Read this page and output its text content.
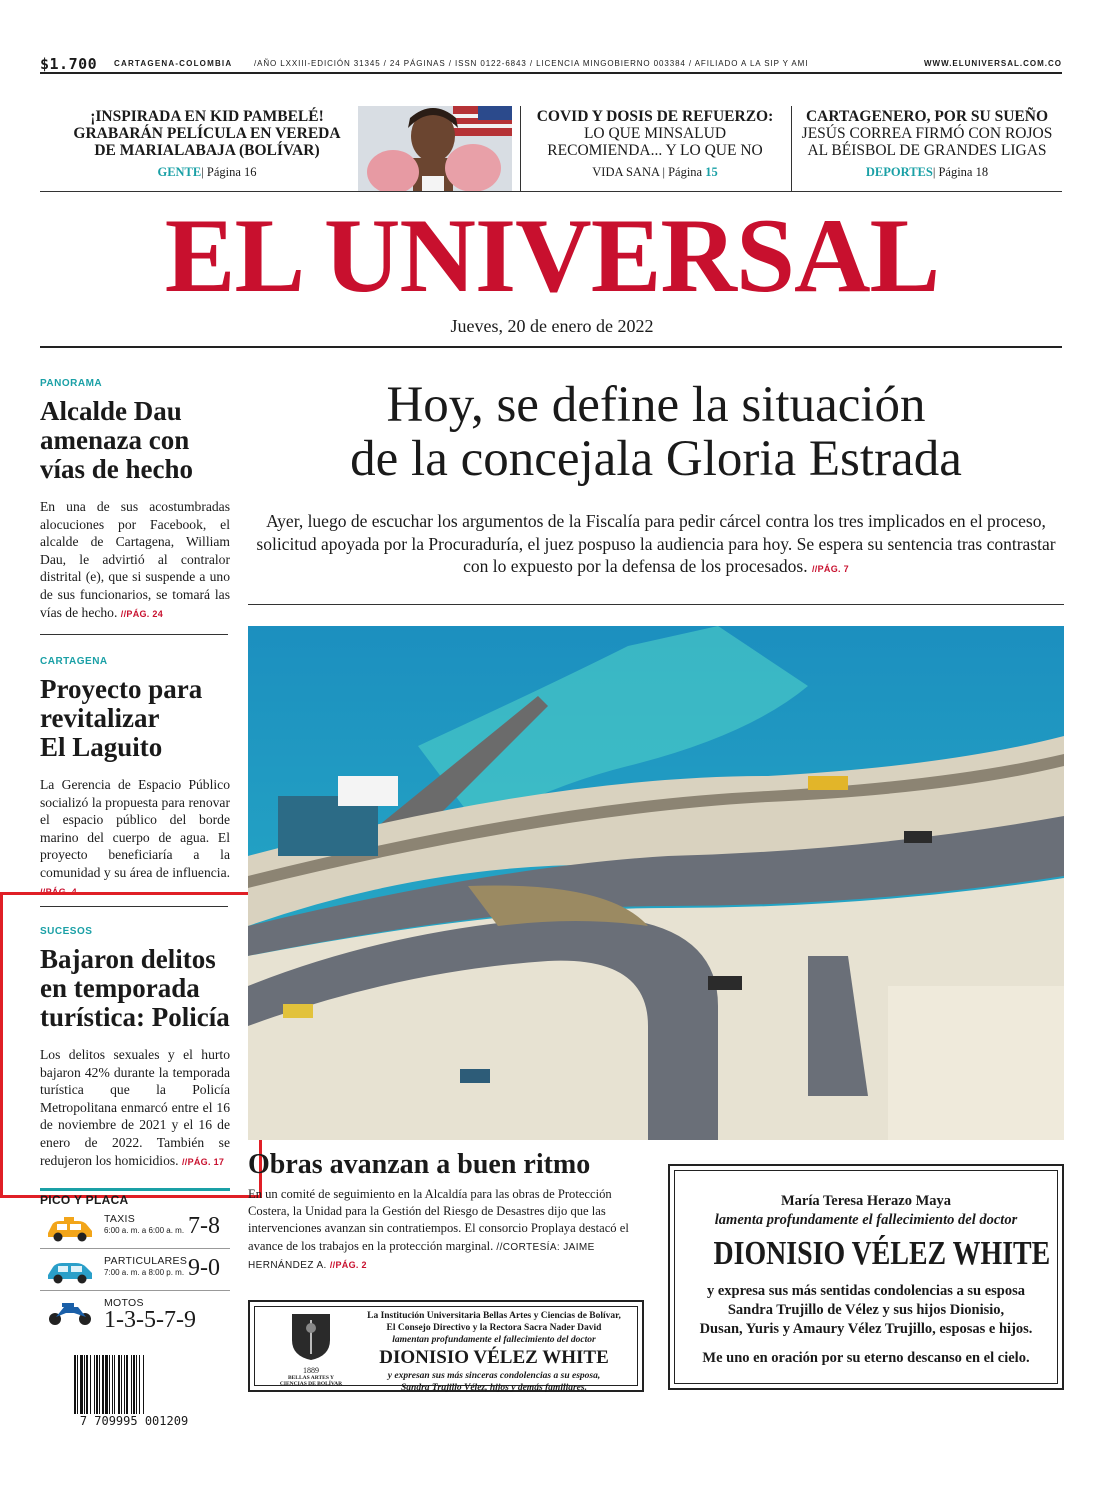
$1.700 CARTAGENA-COLOMBIA	/AÑO LXXIII-EDICIÓN 31345 / 24 PÁGINAS / ISSN 0122-6843 / LICENCIA MINGOBIERNO 003384 / AFILIADO A LA SIP Y AMI	WWW.ELUNIVERSAL.COM.CO
¡INSPIRADA EN KID PAMBELÉ!
GRABARÁN PELÍCULA EN VEREDA
DE MARIALABAJA (BOLÍVAR)
GENTE| Página 16
COVID Y DOSIS DE REFUERZO:
LO QUE MINSALUD
RECOMIENDA... Y LO QUE NO
VIDA SANA | Página 15
CARTAGENERO, POR SU SUEÑO
JESÚS CORREA FIRMÓ CON ROJOS
AL BÉISBOL DE GRANDES LIGAS
DEPORTES| Página 18
EL UNIVERSAL
Jueves, 20 de enero de 2022
PANORAMA
Alcalde Dau
amenaza con
vías de hecho
En una de sus acostumbradas alocuciones por Facebook, el alcalde de Cartagena, William Dau, le advirtió al contralor distrital (e), que si suspende a uno de sus funcionarios, se tomará las vías de hecho. //PÁG. 24
CARTAGENA
Proyecto para
revitalizar
El Laguito
La Gerencia de Espacio Público socializó la propuesta para renovar el espacio público del borde marino del cuerpo de agua. El proyecto beneficiaría a la comunidad y su área de influencia. //PÁG. 4
SUCESOS
Bajaron delitos
en temporada
turística: Policía
Los delitos sexuales y el hurto bajaron 42% durante la temporada turística que la Policía Metropolitana enmarcó entre el 16 de noviembre de 2021 y el 16 de enero de 2022. También se redujeron los homicidios. //PÁG. 17
Hoy, se define la situación
de la concejala Gloria Estrada
Ayer, luego de escuchar los argumentos de la Fiscalía para pedir cárcel contra los tres implicados en el proceso, solicitud apoyada por la Procuraduría, el juez pospuso la audiencia para hoy. Se espera su sentencia tras contrastar con lo expuesto por la defensa de los procesados. //PÁG. 7
Obras avanzan a buen ritmo
En un comité de seguimiento en la Alcaldía para las obras de Protección Costera, la Unidad para la Gestión del Riesgo de Desastres dijo que las intervenciones avanzan sin contratiempos. El consorcio Proplaya destacó el avance de los trabajos en la protección marginal. //CORTESÍA: JAIME HERNÁNDEZ A. //PÁG. 2
PICO Y PLACA
TAXIS
6:00 a. m. a 6:00 a. m. 7-8
PARTICULARES
7:00 a. m. a 8:00 p. m. 9-0
MOTOS
1-3-5-7-9
7 709995 001209
1889
BELLAS ARTES Y
CIENCIAS DE BOLÍVAR
La Institución Universitaria Bellas Artes y Ciencias de Bolívar,
El Consejo Directivo y la Rectora Sacra Nader David
lamentan profundamente el fallecimiento del doctor
DIONISIO VÉLEZ WHITE
y expresan sus más sinceras condolencias a su esposa,
Sandra Trujillo Vélez, hijos y demás familiares.
María Teresa Herazo Maya
lamenta profundamente el fallecimiento del doctor
DIONISIO VÉLEZ WHITE
y expresa sus más sentidas condolencias a su esposa
Sandra Trujillo de Vélez y sus hijos Dionisio,
Dusan, Yuris y Amaury Vélez Trujillo, esposas e hijos.
Me uno en oración por su eterno descanso en el cielo.
